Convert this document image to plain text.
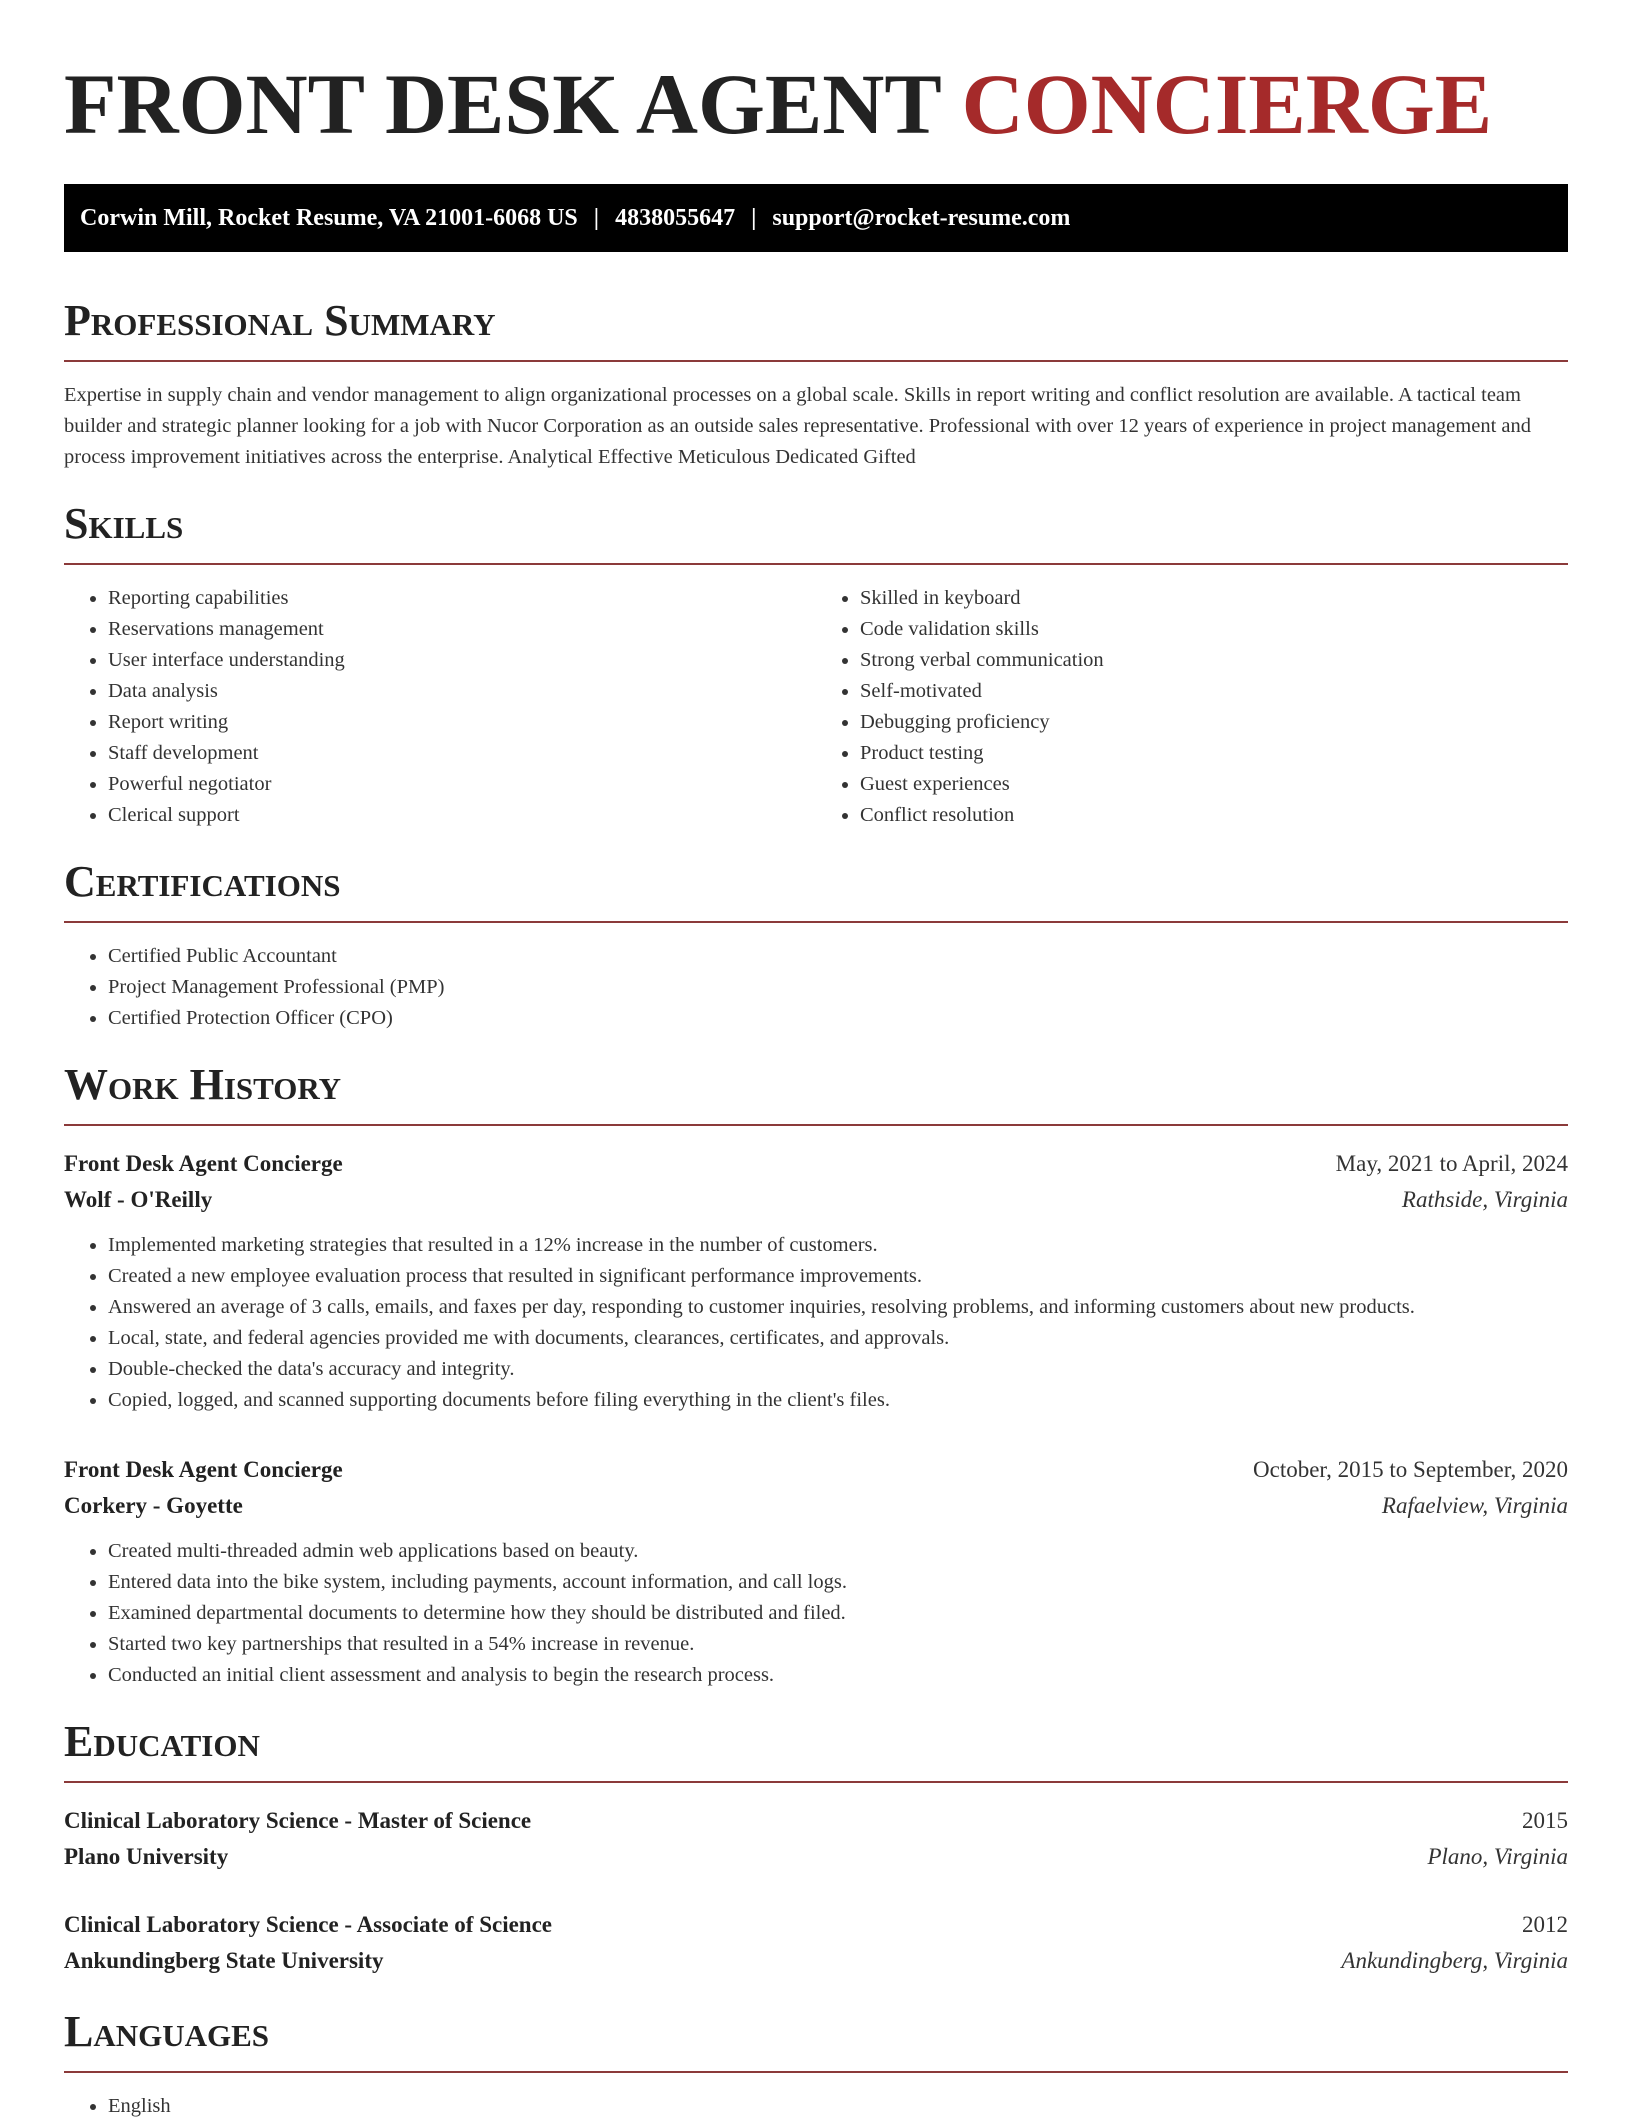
FRONT DESK AGENT CONCIERGE
Corwin Mill, Rocket Resume, VA 21001-6068 US | 4838055647 | support@rocket-resume.com
Professional Summary

Expertise in supply chain and vendor management to align organizational processes on a global scale. Skills in report writing and conflict resolution are available. A tactical team builder and strategic planner looking for a job with Nucor Corporation as an outside sales representative. Professional with over 12 years of experience in project management and process improvement initiatives across the enterprise. Analytical Effective Meticulous Dedicated Gifted

Skills
• Reporting capabilities
• Reservations management
• User interface understanding
• Data analysis
• Report writing
• Staff development
• Powerful negotiator
• Clerical support
• Skilled in keyboard
• Code validation skills
• Strong verbal communication
• Self-motivated
• Debugging proficiency
• Product testing
• Guest experiences
• Conflict resolution
Certifications
• Certified Public Accountant
• Project Management Professional (PMP)
• Certified Protection Officer (CPO)
Work History
Front Desk Agent Concierge	May, 2021 to April, 2024
Wolf - O'Reilly	Rathside, Virginia
• Implemented marketing strategies that resulted in a 12% increase in the number of customers.
• Created a new employee evaluation process that resulted in significant performance improvements.
• Answered an average of 3 calls, emails, and faxes per day, responding to customer inquiries, resolving problems, and informing customers about new products.
• Local, state, and federal agencies provided me with documents, clearances, certificates, and approvals.
• Double-checked the data's accuracy and integrity.
• Copied, logged, and scanned supporting documents before filing everything in the client's files.
Front Desk Agent Concierge	October, 2015 to September, 2020
Corkery - Goyette	Rafaelview, Virginia
• Created multi-threaded admin web applications based on beauty.
• Entered data into the bike system, including payments, account information, and call logs.
• Examined departmental documents to determine how they should be distributed and filed.
• Started two key partnerships that resulted in a 54% increase in revenue.
• Conducted an initial client assessment and analysis to begin the research process.
Education
Clinical Laboratory Science - Master of Science	2015
Plano University	Plano, Virginia
Clinical Laboratory Science - Associate of Science	2012
Ankundingberg State University	Ankundingberg, Virginia
Languages
• English
